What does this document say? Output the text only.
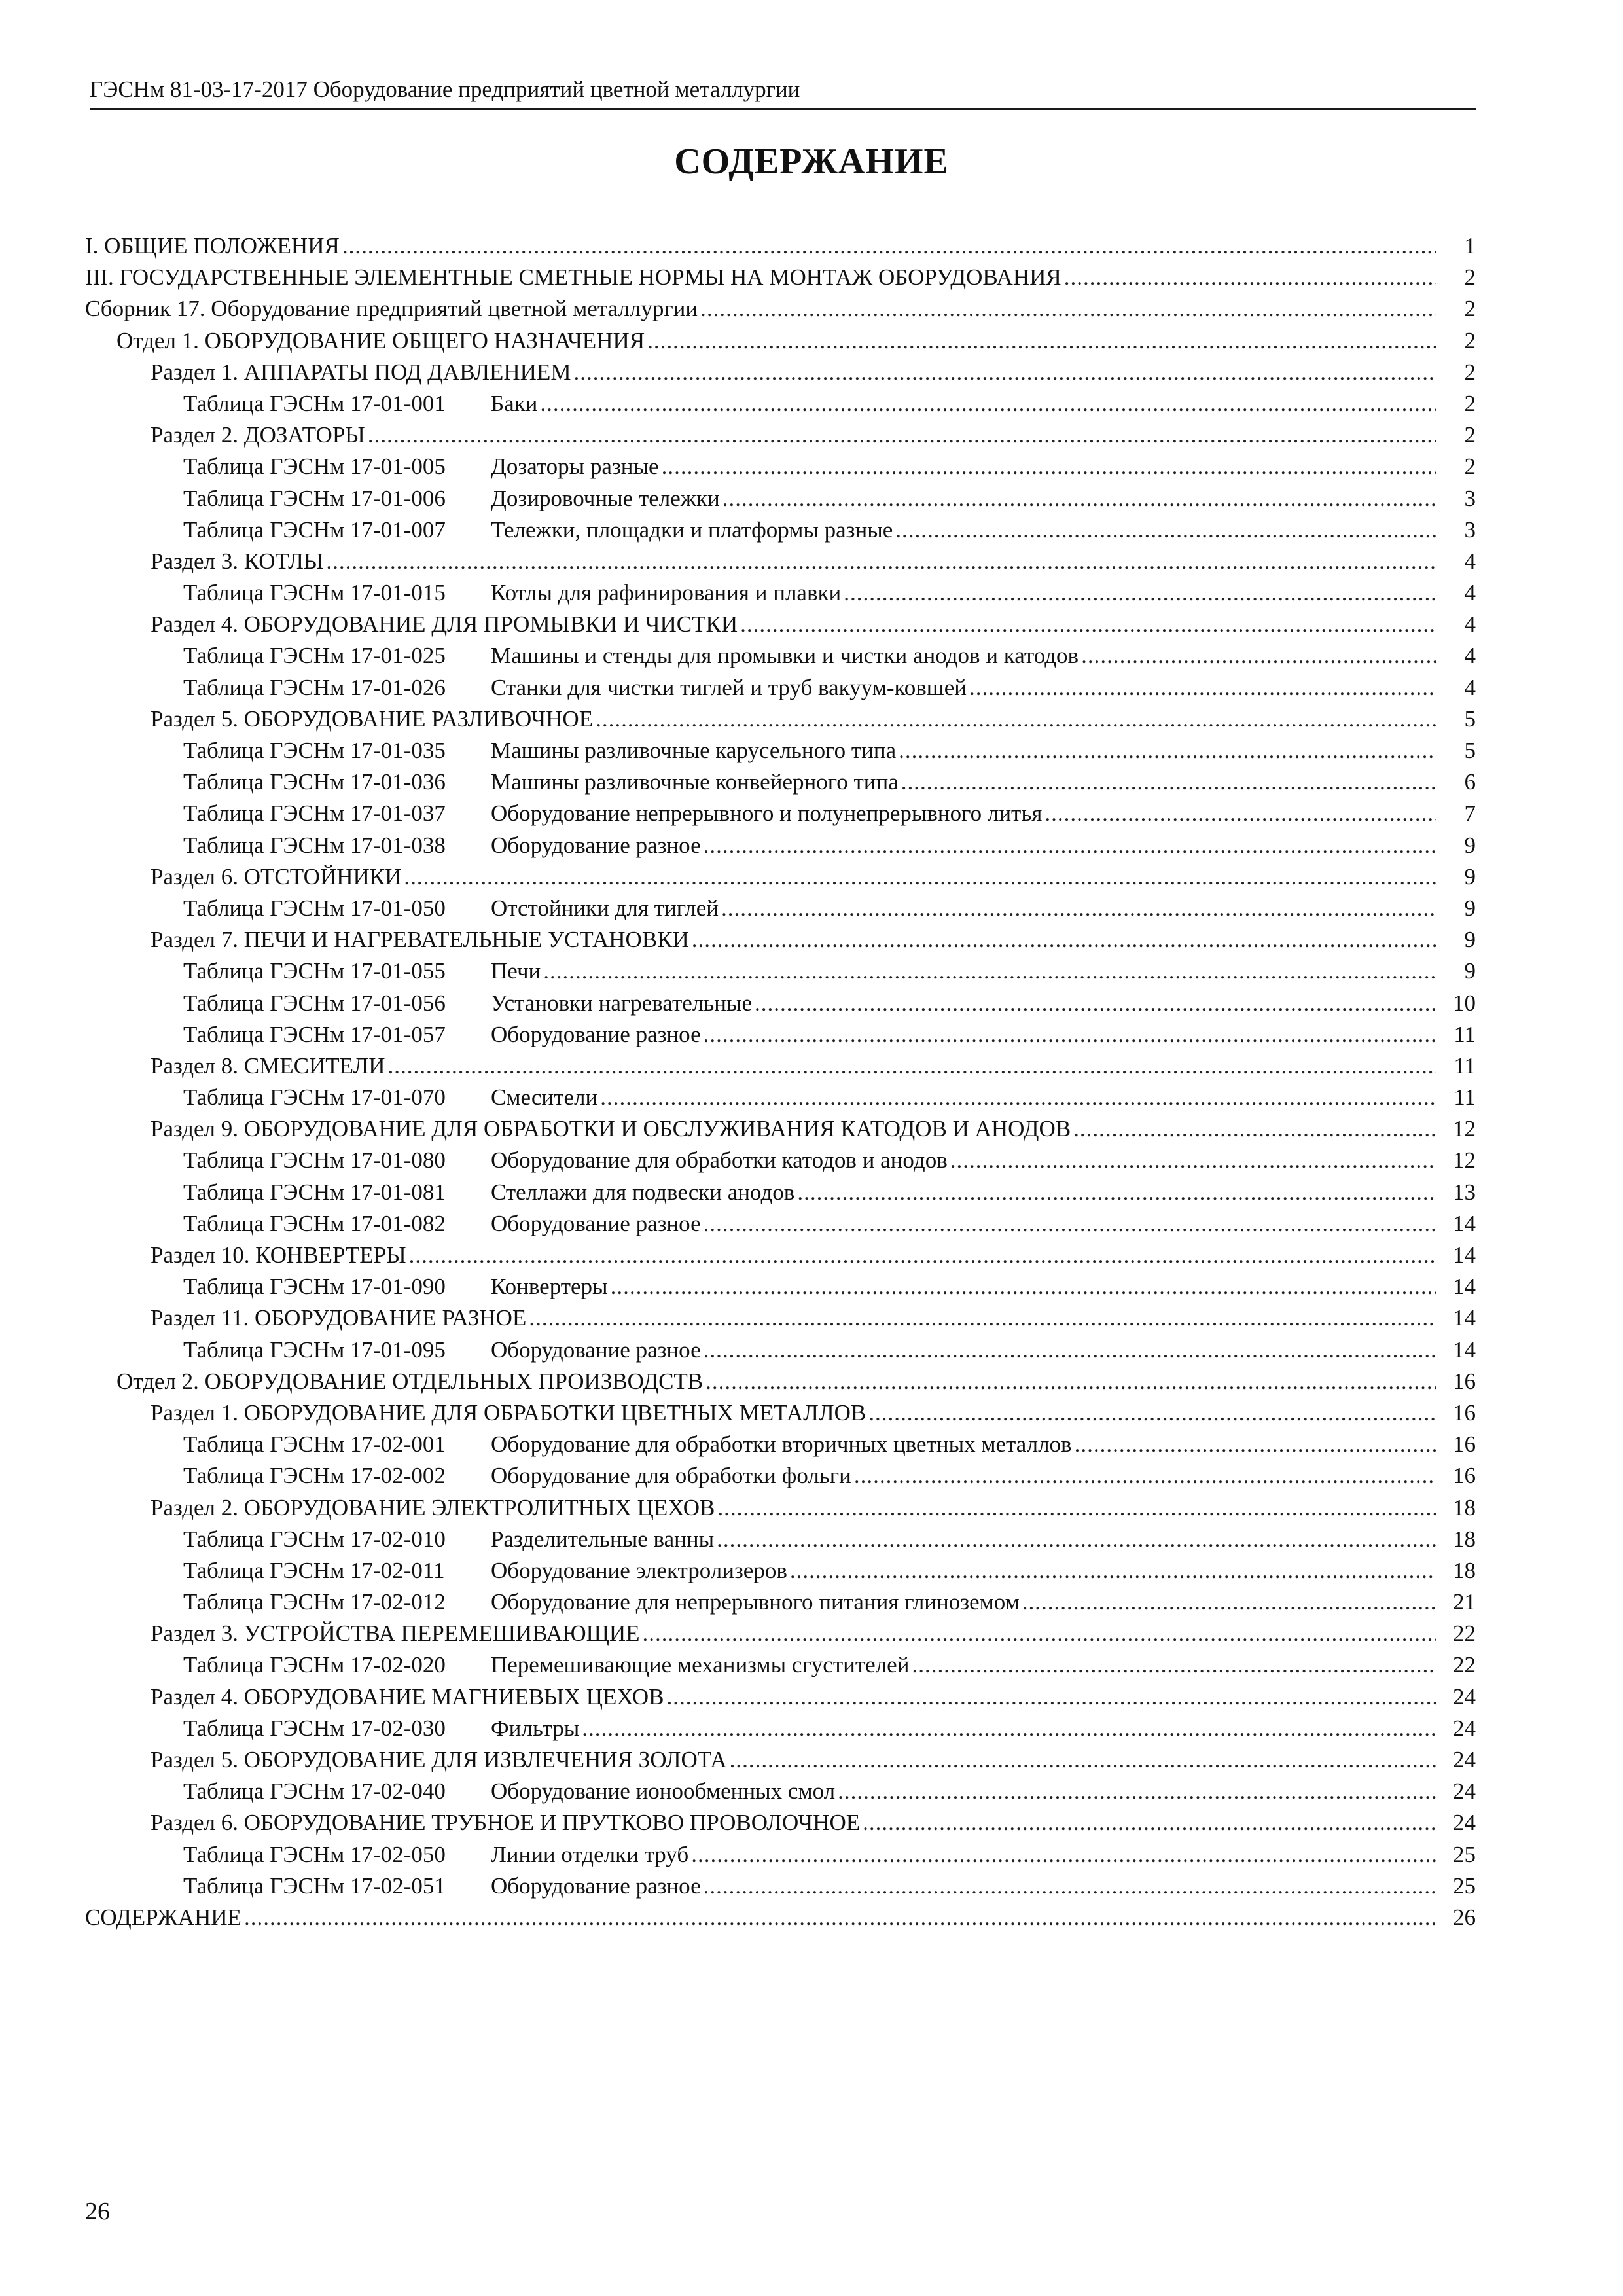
ГЭСНм 81-03-17-2017 Оборудование предприятий цветной металлургии
СОДЕРЖАНИЕ
I. ОБЩИЕ ПОЛОЖЕНИЯ .....	1
III. ГОСУДАРСТВЕННЫЕ ЭЛЕМЕНТНЫЕ СМЕТНЫЕ НОРМЫ НА МОНТАЖ ОБОРУДОВАНИЯ .....	2
Сборник 17. Оборудование предприятий цветной металлургии .....	2
Отдел 1. ОБОРУДОВАНИЕ ОБЩЕГО НАЗНАЧЕНИЯ .....	2
Раздел 1. АППАРАТЫ ПОД ДАВЛЕНИЕМ .....	2
Таблица ГЭСНм 17-01-001	Баки .....	2
Раздел 2. ДОЗАТОРЫ .....	2
Таблица ГЭСНм 17-01-005	Дозаторы разные .....	2
Таблица ГЭСНм 17-01-006	Дозировочные тележки .....	3
Таблица ГЭСНм 17-01-007	Тележки, площадки и платформы разные .....	3
Раздел 3. КОТЛЫ .....	4
Таблица ГЭСНм 17-01-015	Котлы для рафинирования и плавки .....	4
Раздел 4. ОБОРУДОВАНИЕ ДЛЯ ПРОМЫВКИ И ЧИСТКИ .....	4
Таблица ГЭСНм 17-01-025	Машины и стенды для промывки и чистки анодов и катодов .....	4
Таблица ГЭСНм 17-01-026	Станки для чистки тиглей и труб вакуум-ковшей .....	4
Раздел 5. ОБОРУДОВАНИЕ РАЗЛИВОЧНОЕ .....	5
Таблица ГЭСНм 17-01-035	Машины разливочные карусельного типа .....	5
Таблица ГЭСНм 17-01-036	Машины разливочные конвейерного типа .....	6
Таблица ГЭСНм 17-01-037	Оборудование непрерывного и полунепрерывного литья .....	7
Таблица ГЭСНм 17-01-038	Оборудование разное .....	9
Раздел 6. ОТСТОЙНИКИ .....	9
Таблица ГЭСНм 17-01-050	Отстойники для тиглей .....	9
Раздел 7. ПЕЧИ И НАГРЕВАТЕЛЬНЫЕ УСТАНОВКИ .....	9
Таблица ГЭСНм 17-01-055	Печи .....	9
Таблица ГЭСНм 17-01-056	Установки нагревательные .....	10
Таблица ГЭСНм 17-01-057	Оборудование разное .....	11
Раздел 8. СМЕСИТЕЛИ .....	11
Таблица ГЭСНм 17-01-070	Смесители .....	11
Раздел 9. ОБОРУДОВАНИЕ ДЛЯ ОБРАБОТКИ И ОБСЛУЖИВАНИЯ КАТОДОВ И АНОДОВ .....	12
Таблица ГЭСНм 17-01-080	Оборудование для обработки катодов и анодов .....	12
Таблица ГЭСНм 17-01-081	Стеллажи для подвески анодов .....	13
Таблица ГЭСНм 17-01-082	Оборудование разное .....	14
Раздел 10. КОНВЕРТЕРЫ .....	14
Таблица ГЭСНм 17-01-090	Конвертеры .....	14
Раздел 11. ОБОРУДОВАНИЕ РАЗНОЕ .....	14
Таблица ГЭСНм 17-01-095	Оборудование разное .....	14
Отдел 2. ОБОРУДОВАНИЕ ОТДЕЛЬНЫХ ПРОИЗВОДСТВ .....	16
Раздел 1. ОБОРУДОВАНИЕ ДЛЯ ОБРАБОТКИ ЦВЕТНЫХ МЕТАЛЛОВ .....	16
Таблица ГЭСНм 17-02-001	Оборудование для обработки вторичных цветных металлов .....	16
Таблица ГЭСНм 17-02-002	Оборудование для обработки фольги .....	16
Раздел 2. ОБОРУДОВАНИЕ ЭЛЕКТРОЛИТНЫХ ЦЕХОВ .....	18
Таблица ГЭСНм 17-02-010	Разделительные ванны .....	18
Таблица ГЭСНм 17-02-011	Оборудование электролизеров .....	18
Таблица ГЭСНм 17-02-012	Оборудование для непрерывного питания глиноземом .....	21
Раздел 3. УСТРОЙСТВА ПЕРЕМЕШИВАЮЩИЕ .....	22
Таблица ГЭСНм 17-02-020	Перемешивающие механизмы сгустителей .....	22
Раздел 4. ОБОРУДОВАНИЕ МАГНИЕВЫХ ЦЕХОВ .....	24
Таблица ГЭСНм 17-02-030	Фильтры .....	24
Раздел 5. ОБОРУДОВАНИЕ ДЛЯ ИЗВЛЕЧЕНИЯ ЗОЛОТА .....	24
Таблица ГЭСНм 17-02-040	Оборудование ионообменных смол .....	24
Раздел 6. ОБОРУДОВАНИЕ ТРУБНОЕ И ПРУТКОВО ПРОВОЛОЧНОЕ .....	24
Таблица ГЭСНм 17-02-050	Линии отделки труб .....	25
Таблица ГЭСНм 17-02-051	Оборудование разное .....	25
СОДЕРЖАНИЕ .....	26
26
